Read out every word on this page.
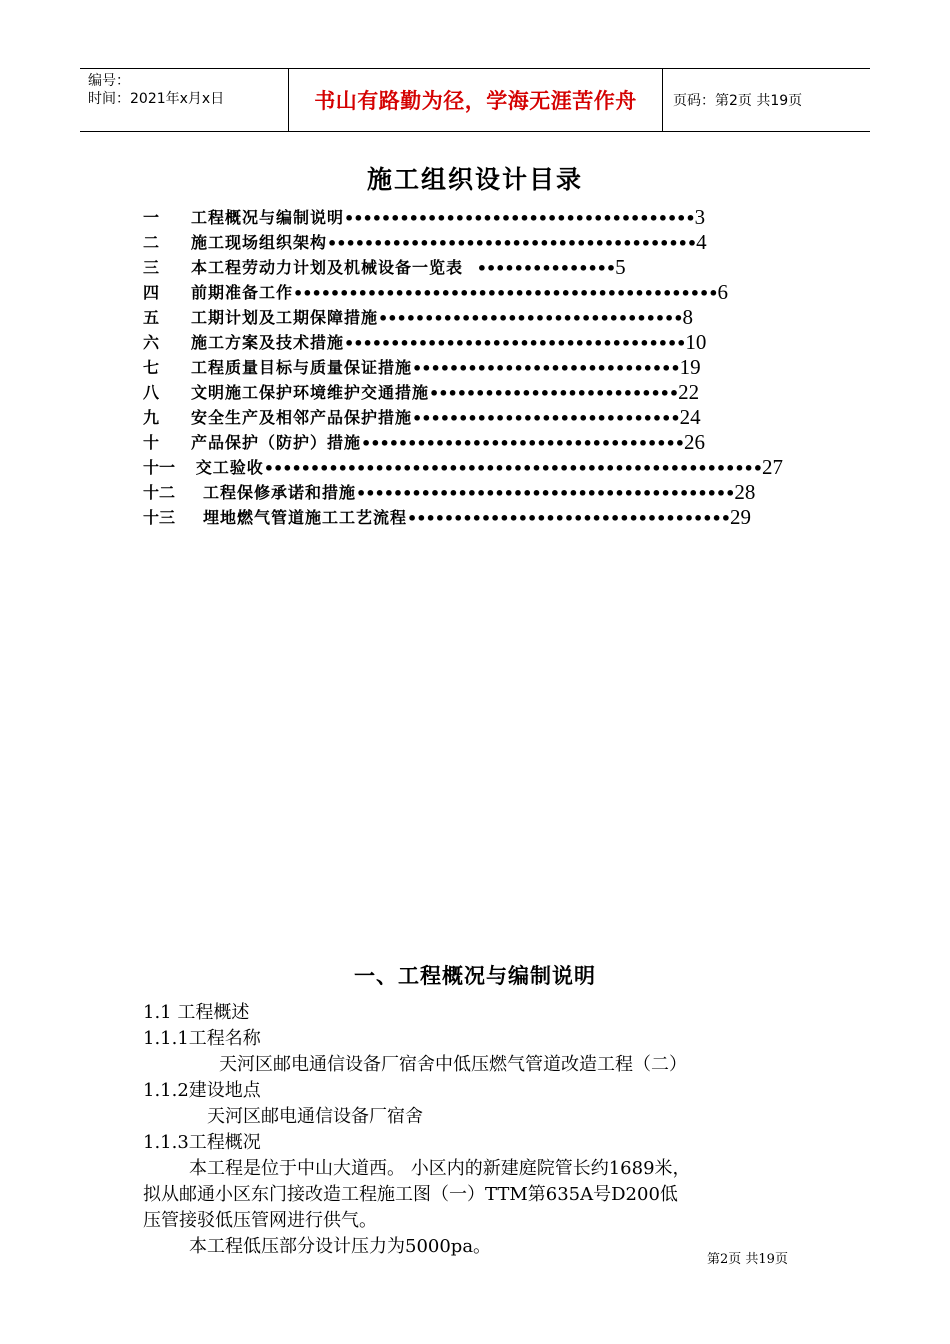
编号：
时间：2021年x月x日	书山有路勤为径，学海无涯苦作舟	页码：第2页 共19页
施工组织设计目录
一	工程概况与编制说明 •••••••••••••••••••••••••••••••••••••• 3
二	施工现场组织架构 •••••••••••••••••••••••••••••••••••••••• 4
三	本工程劳动力计划及机械设备一览表 ••••••••••••••• 5
四	前期准备工作 •••••••••••••••••••••••••••••••••••••••••••••• 6
五	工期计划及工期保障措施 ••••••••••••••••••••••••••••••••• 8
六	施工方案及技术措施 ••••••••••••••••••••••••••••••••••••• 10
七	工程质量目标与质量保证措施 ••••••••••••••••••••••••••••• 19
八	文明施工保护环境维护交通措施 ••••••••••••••••••••••••••• 22
九	安全生产及相邻产品保护措施 ••••••••••••••••••••••••••••• 24
十	产品保护（防护）措施 ••••••••••••••••••••••••••••••••••• 26
十一	交工验收 •••••••••••••••••••••••••••••••••••••••••••••••••••••• 27
十二	工程保修承诺和措施 ••••••••••••••••••••••••••••••••••••••••• 28
十三	埋地燃气管道施工工艺流程 ••••••••••••••••••••••••••••••••••• 29
一、工程概况与编制说明
1.1 工程概述
1.1.1工程名称
天河区邮电通信设备厂宿舍中低压燃气管道改造工程（二）
1.1.2建设地点
天河区邮电通信设备厂宿舍
1.1.3工程概况
本工程是位于中山大道西。 小区内的新建庭院管长约1689米，
拟从邮通小区东门接改造工程施工图（一）TTM第635A号D200低
压管接驳低压管网进行供气。
本工程低压部分设计压力为5000pa。
第2页 共19页
